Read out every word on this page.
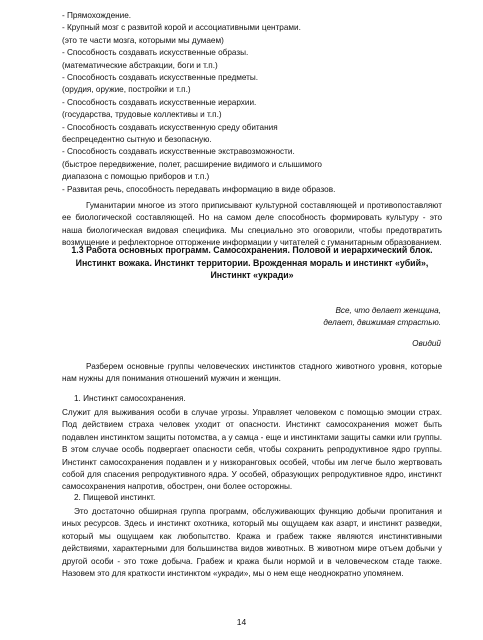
- Прямохождение.
- Крупный мозг с развитой корой и ассоциативными центрами.
(это те части мозга, которыми мы думаем)
- Способность создавать искусственные образы.
(математические абстракции, боги и т.п.)
- Способность создавать искусственные предметы.
(орудия, оружие, постройки и т.п.)
- Способность создавать искусственные иерархии.
(государства, трудовые коллективы и т.п.)
- Способность создавать искусственную среду обитания
беспрецедентно сытную и безопасную.
- Способность создавать искусственные экстравозможности.
(быстрое передвижение, полет, расширение видимого и слышимого
диапазона с помощью приборов и т.п.)
- Развитая речь, способность передавать информацию в виде образов.

Гуманитарии многое из этого приписывают культурной составляющей и противопоставляют ее биологической составляющей. Но на самом деле способность формировать культуру - это наша биологическая видовая специфика. Мы специально это оговорили, чтобы предотвратить возмущение и рефлекторное отторжение информации у читателей с гуманитарным образованием.

1.3 Работа основных программ. Самосохранения. Половой и иерархический блок. Инстинкт вожака. Инстинкт территории. Врожденная мораль и инстинкт «убий», Инстинкт «укради»
Все, что делает женщина,
делает, движимая страстью.
Овидий

Разберем основные группы человеческих инстинктов стадного животного уровня, которые нам нужны для понимания отношений мужчин и женщин.

1. Инстинкт самосохранения.

Служит для выживания особи в случае угрозы. Управляет человеком с помощью эмоции страх. Под действием страха человек уходит от опасности. Инстинкт самосохранения может быть подавлен инстинктом защиты потомства, а у самца - еще и инстинктами защиты самки или группы. В этом случае особь подвергает опасности себя, чтобы сохранить репродуктивное ядро группы. Инстинкт самосохранения подавлен и у низкоранговых особей, чтобы им легче было жертвовать собой для спасения репродуктивного ядра. У особей, образующих репродуктивное ядро, инстинкт самосохранения напротив, обострен, они более осторожны.

2. Пищевой инстинкт.

Это достаточно обширная группа программ, обслуживающих функцию добычи пропитания и иных ресурсов. Здесь и инстинкт охотника, который мы ощущаем как азарт, и инстинкт разведки, который мы ощущаем как любопытство. Кража и грабеж также являются инстинктивными действиями, характерными для большинства видов животных. В животном мире отъем добычи у другой особи - это тоже добыча. Грабеж и кража были нормой и в человеческом стаде также. Назовем это для краткости инстинктом «укради», мы о нем еще неоднократно упомянем.

14
